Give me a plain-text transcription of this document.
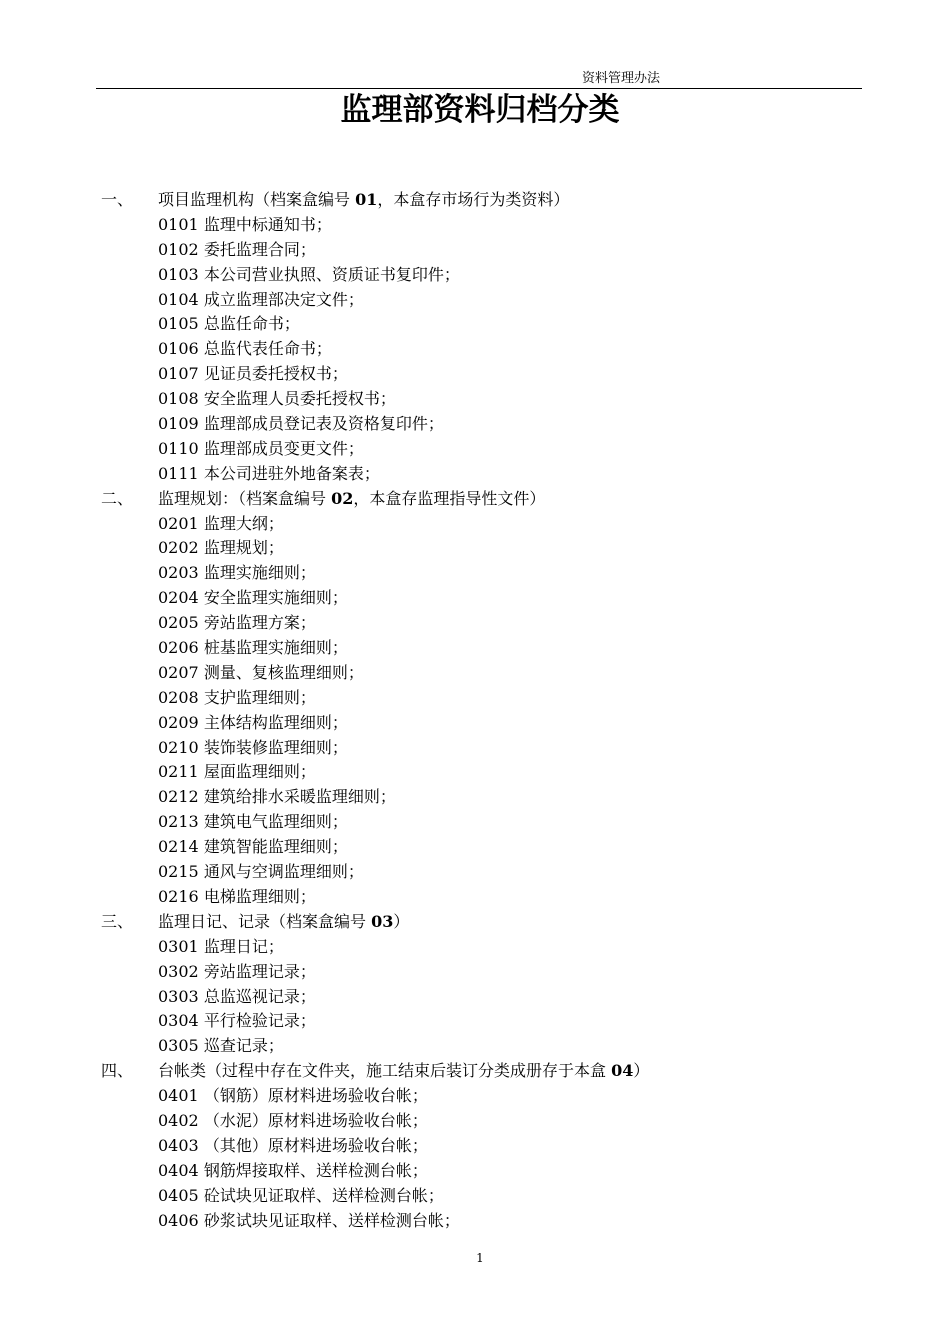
资料管理办法
监理部资料归档分类
一、 项目监理机构（档案盒编号 01，本盒存市场行为类资料）
0101 监理中标通知书；
0102 委托监理合同；
0103 本公司营业执照、资质证书复印件；
0104 成立监理部决定文件；
0105 总监任命书；
0106 总监代表任命书；
0107 见证员委托授权书；
0108 安全监理人员委托授权书；
0109 监理部成员登记表及资格复印件；
0110 监理部成员变更文件；
0111 本公司进驻外地备案表；
二、 监理规划：（档案盒编号 02，本盒存监理指导性文件）
0201 监理大纲；
0202 监理规划；
0203 监理实施细则；
0204 安全监理实施细则；
0205 旁站监理方案；
0206 桩基监理实施细则；
0207 测量、复核监理细则；
0208 支护监理细则；
0209 主体结构监理细则；
0210 装饰装修监理细则；
0211 屋面监理细则；
0212 建筑给排水采暖监理细则；
0213 建筑电气监理细则；
0214 建筑智能监理细则；
0215 通风与空调监理细则；
0216 电梯监理细则；
三、 监理日记、记录（档案盒编号 03）
0301 监理日记；
0302 旁站监理记录；
0303 总监巡视记录；
0304 平行检验记录；
0305 巡查记录；
四、 台帐类（过程中存在文件夹，施工结束后装订分类成册存于本盒 04）
0401 （钢筋）原材料进场验收台帐；
0402 （水泥）原材料进场验收台帐；
0403 （其他）原材料进场验收台帐；
0404 钢筋焊接取样、送样检测台帐；
0405 砼试块见证取样、送样检测台帐；
0406 砂浆试块见证取样、送样检测台帐；
1
